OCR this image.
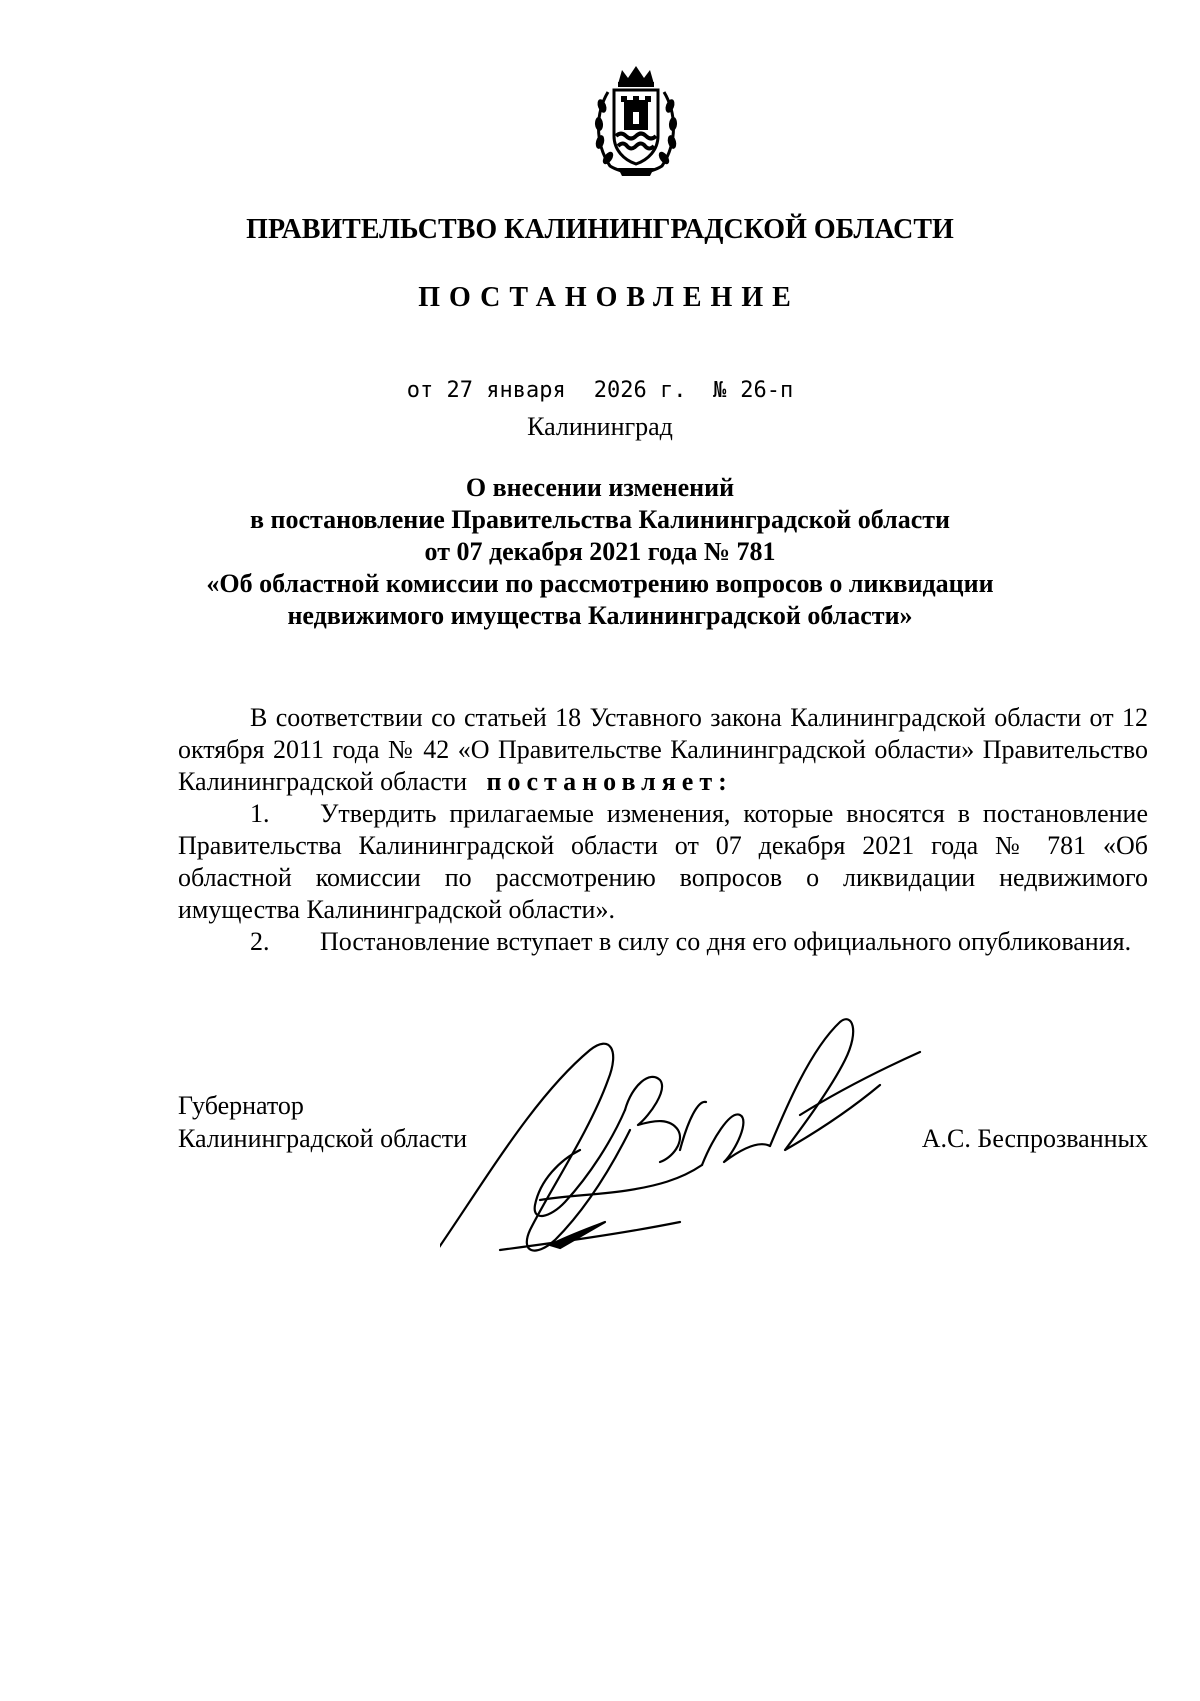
ПРАВИТЕЛЬСТВО КАЛИНИНГРАДСКОЙ ОБЛАСТИ
ПОСТАНОВЛЕНИЕ
от 27 января 2026 г. № 26-п
Калининград
О внесении изменений
в постановление Правительства Калининградской области
от 07 декабря 2021 года № 781
«Об областной комиссии по рассмотрению вопросов о ликвидации
недвижимого имущества Калининградской области»

В соответствии со статьей 18 Уставного закона Калининградской области от 12 октября 2011 года № 42 «О Правительстве Калининградской области» Правительство Калининградской области постановляет:

1. Утвердить прилагаемые изменения, которые вносятся в постановление Правительства Калининградской области от 07 декабря 2021 года № 781 «Об областной комиссии по рассмотрению вопросов о ликвидации недвижимого имущества Калининградской области».

2. Постановление вступает в силу со дня его официального опубликования.

Губернатор
Калининградской области	А.С. Беспрозванных
